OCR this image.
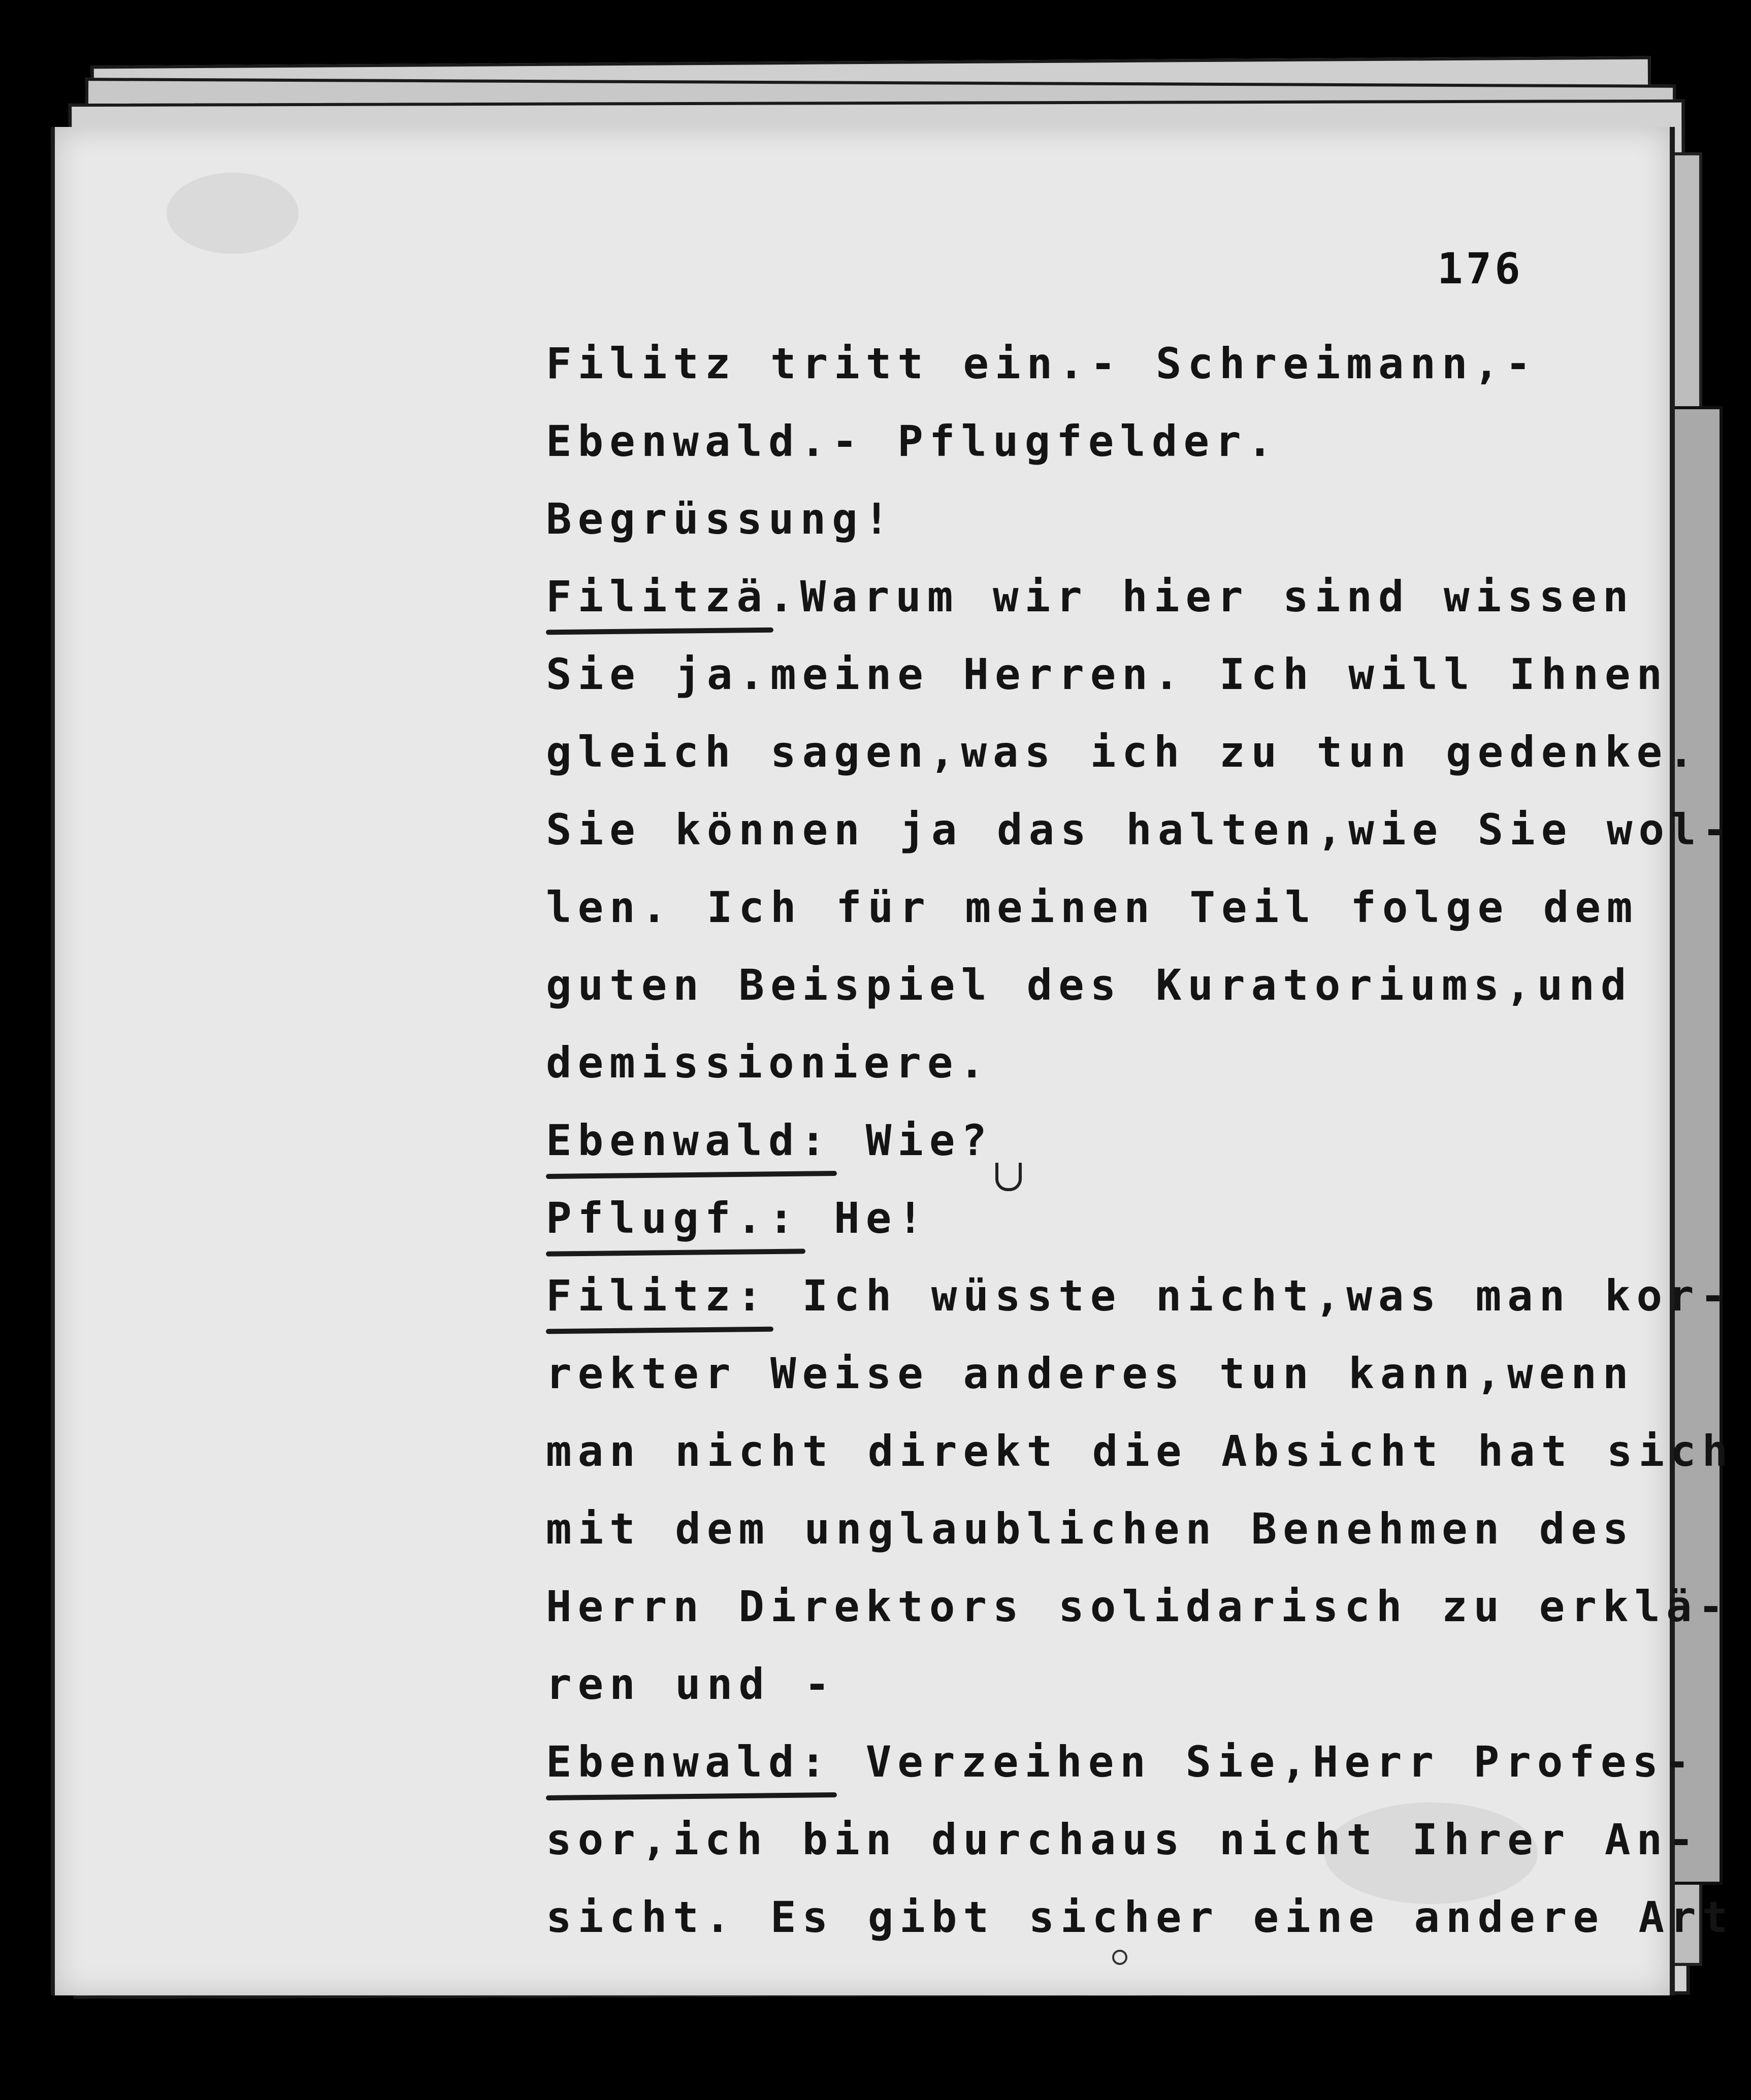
176
Filitz tritt ein.- Schreimann,-
Ebenwald.- Pflugfelder.
Begrüssung!
Filitzä.Warum wir hier sind wissen
Sie ja.meine Herren. Ich will Ihnen
gleich sagen,was ich zu tun gedenke.
Sie können ja das halten,wie Sie wol-
len. Ich für meinen Teil folge dem
guten Beispiel des Kuratoriums,und
demissioniere.
Ebenwald: Wie?
Pflugf.: He!
Filitz: Ich wüsste nicht,was man kor-
rekter Weise anderes tun kann,wenn
man nicht direkt die Absicht hat sich
mit dem unglaublichen Benehmen des
Herrn Direktors solidarisch zu erklä-
ren und -
Ebenwald: Verzeihen Sie,Herr Profes-
sor,ich bin durchaus nicht Ihrer An-
sicht. Es gibt sicher eine andere Art
